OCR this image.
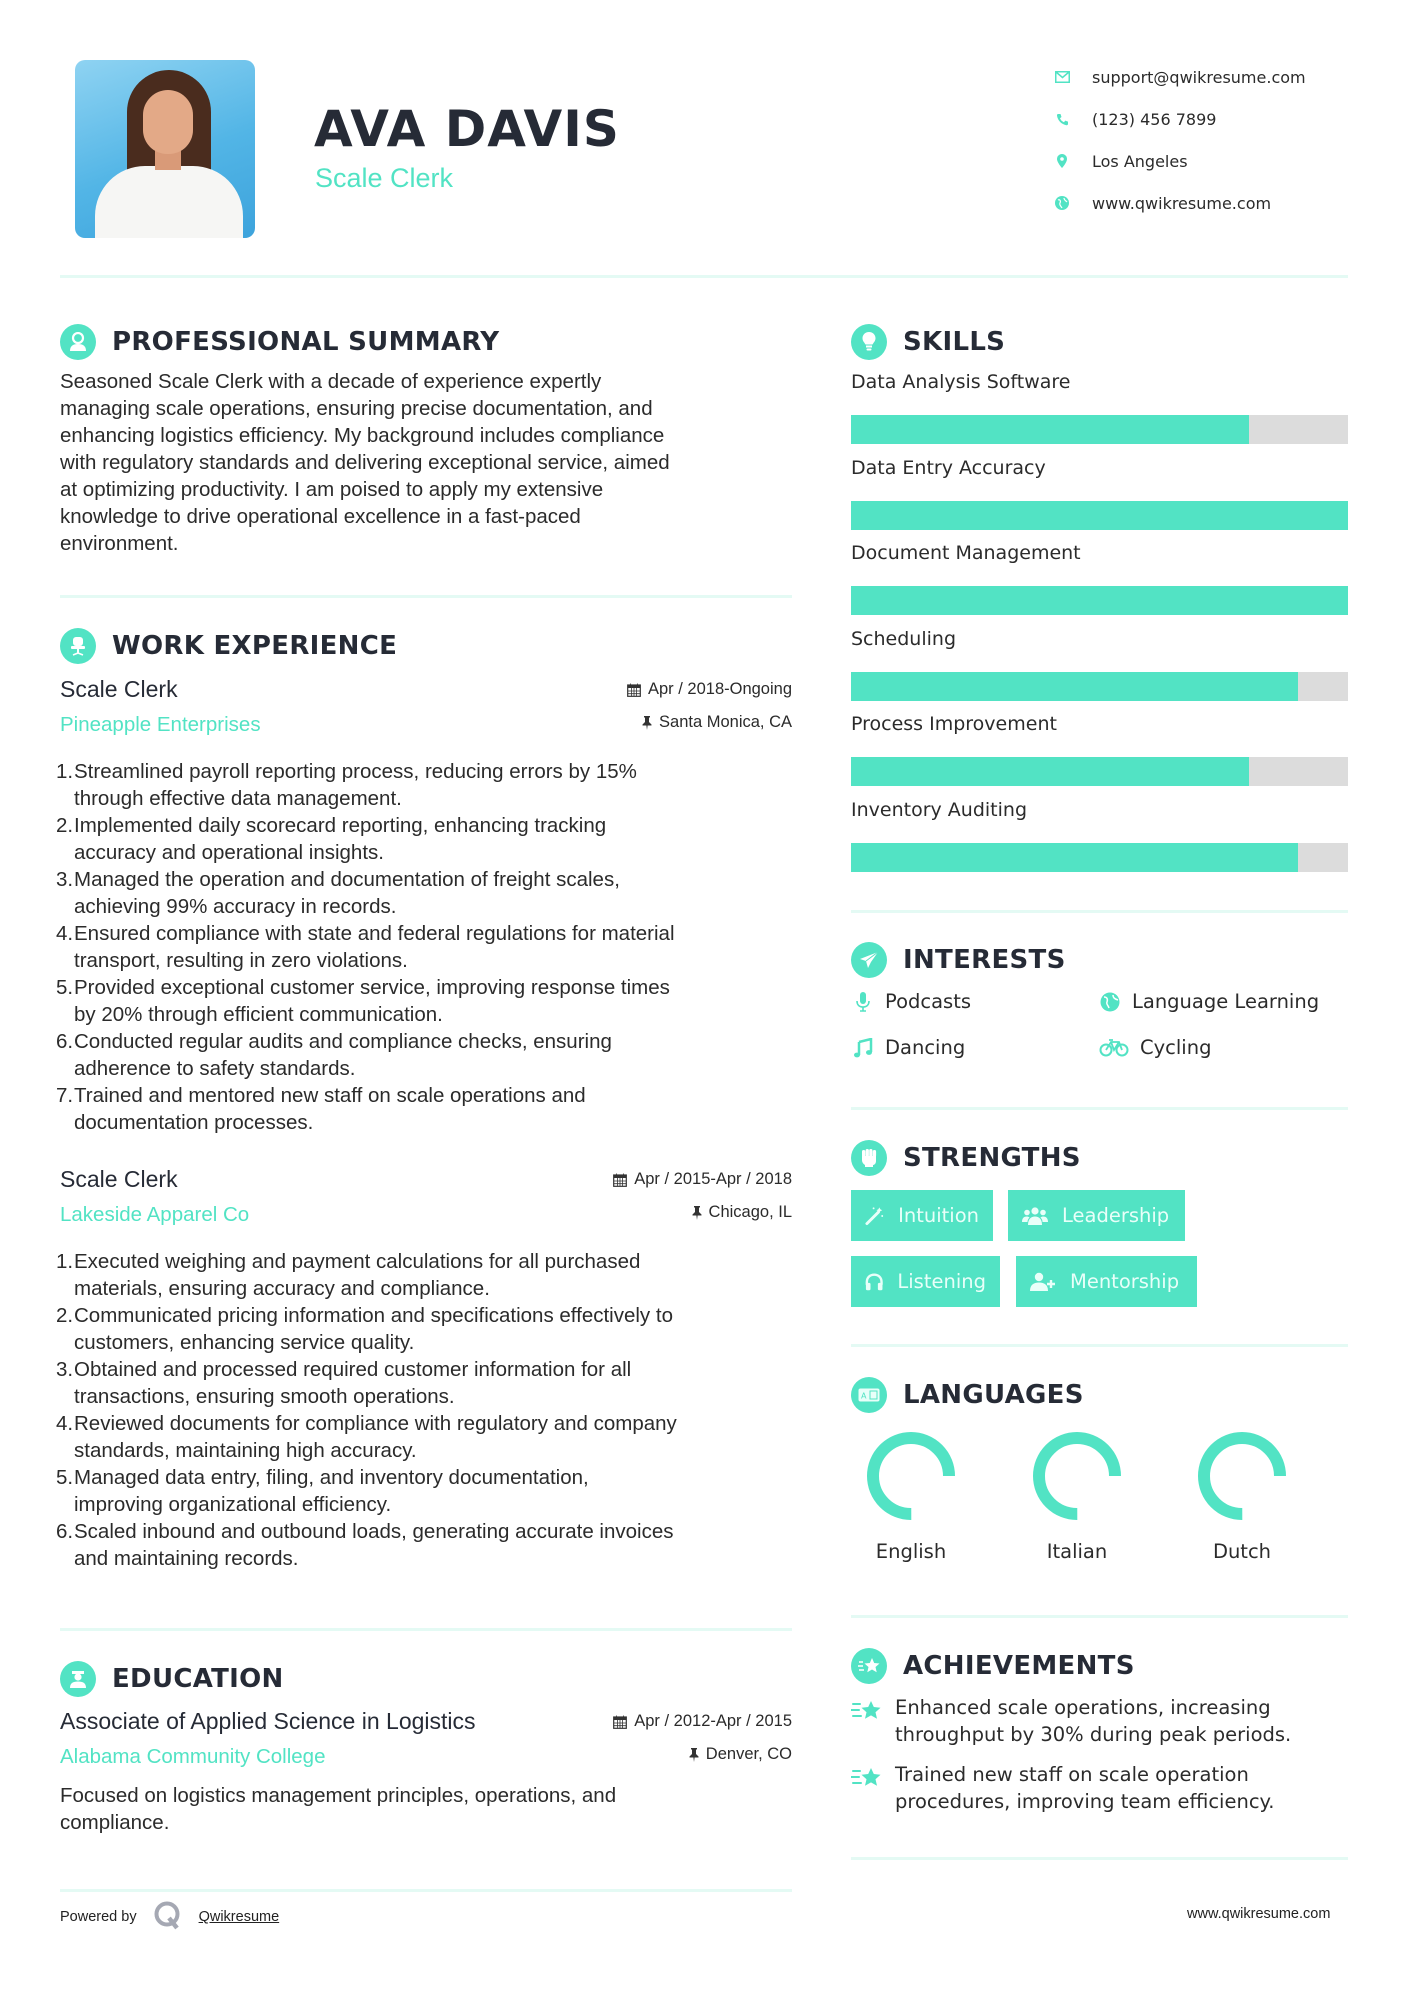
AVA DAVIS
Scale Clerk
support@qwikresume.com
(123) 456 7899
Los Angeles
www.qwikresume.com
PROFESSIONAL SUMMARY
Seasoned Scale Clerk with a decade of experience expertly
managing scale operations, ensuring precise documentation, and
enhancing logistics efficiency. My background includes compliance
with regulatory standards and delivering exceptional service, aimed
at optimizing productivity. I am poised to apply my extensive
knowledge to drive operational excellence in a fast-paced
environment.
WORK EXPERIENCE
Scale Clerk
Pineapple Enterprises
Apr / 2018-Ongoing
Santa Monica, CA
1. Streamlined payroll reporting process, reducing errors by 15%
through effective data management.
2. Implemented daily scorecard reporting, enhancing tracking
accuracy and operational insights.
3. Managed the operation and documentation of freight scales,
achieving 99% accuracy in records.
4. Ensured compliance with state and federal regulations for material
transport, resulting in zero violations.
5. Provided exceptional customer service, improving response times
by 20% through efficient communication.
6. Conducted regular audits and compliance checks, ensuring
adherence to safety standards.
7. Trained and mentored new staff on scale operations and
documentation processes.
Scale Clerk
Lakeside Apparel Co
Apr / 2015-Apr / 2018
Chicago, IL
1. Executed weighing and payment calculations for all purchased
materials, ensuring accuracy and compliance.
2. Communicated pricing information and specifications effectively to
customers, enhancing service quality.
3. Obtained and processed required customer information for all
transactions, ensuring smooth operations.
4. Reviewed documents for compliance with regulatory and company
standards, maintaining high accuracy.
5. Managed data entry, filing, and inventory documentation,
improving organizational efficiency.
6. Scaled inbound and outbound loads, generating accurate invoices
and maintaining records.
EDUCATION
Associate of Applied Science in Logistics
Alabama Community College
Apr / 2012-Apr / 2015
Denver, CO
Focused on logistics management principles, operations, and
compliance.
SKILLS
Data Analysis Software
Data Entry Accuracy
Document Management
Scheduling
Process Improvement
Inventory Auditing
INTERESTS
Podcasts	Language Learning
Dancing	Cycling
STRENGTHS
Intuition	Leadership
Listening	Mentorship
A LANGUAGES
English	Italian	Dutch
ACHIEVEMENTS
Enhanced scale operations, increasing
throughput by 30% during peak periods.
Trained new staff on scale operation
procedures, improving team efficiency.
Powered by	Qwikresume	www.qwikresume.com
